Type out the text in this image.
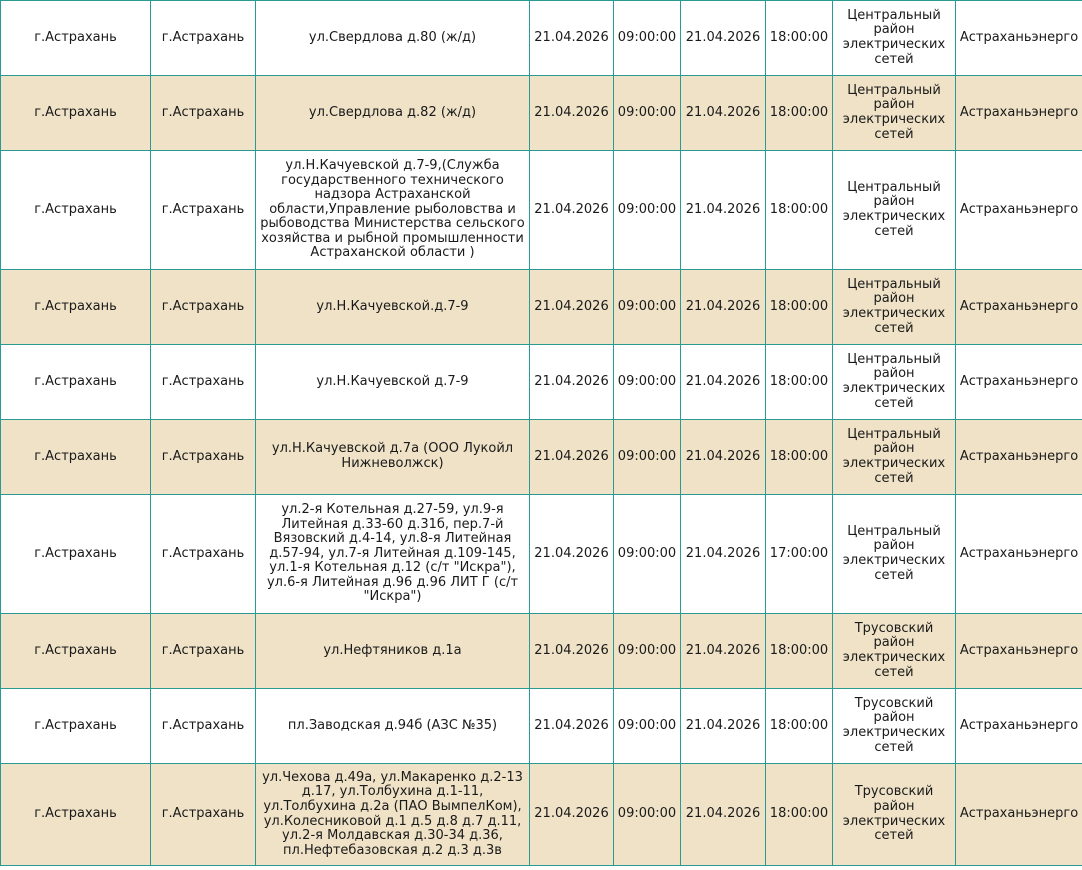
г.Астрахань	г.Астрахань	ул.Свердлова д.80 (ж/д)	21.04.2026	09:00:00	21.04.2026	18:00:00	Центральный район электрических сетей	Астраханьэнерго
г.Астрахань	г.Астрахань	ул.Свердлова д.82 (ж/д)	21.04.2026	09:00:00	21.04.2026	18:00:00	Центральный район электрических сетей	Астраханьэнерго
г.Астрахань	г.Астрахань	ул.Н.Качуевской д.7-9,(Служба государственного технического надзора Астраханской области,Управление рыболовства и рыбоводства Министерства сельского хозяйства и рыбной промышленности Астраханской области )	21.04.2026	09:00:00	21.04.2026	18:00:00	Центральный район электрических сетей	Астраханьэнерго
г.Астрахань	г.Астрахань	ул.Н.Качуевской.д.7-9	21.04.2026	09:00:00	21.04.2026	18:00:00	Центральный район электрических сетей	Астраханьэнерго
г.Астрахань	г.Астрахань	ул.Н.Качуевской д.7-9	21.04.2026	09:00:00	21.04.2026	18:00:00	Центральный район электрических сетей	Астраханьэнерго
г.Астрахань	г.Астрахань	ул.Н.Качуевской д.7а (ООО Лукойл Нижневолжск)	21.04.2026	09:00:00	21.04.2026	18:00:00	Центральный район электрических сетей	Астраханьэнерго
г.Астрахань	г.Астрахань	ул.2-я Котельная д.27-59, ул.9-я Литейная д.33-60 д.31б, пер.7-й Вязовский д.4-14, ул.8-я Литейная д.57-94, ул.7-я Литейная д.109-145, ул.1-я Котельная д.12 (с/т "Искра"), ул.6-я Литейная д.96 д.96 ЛИТ Г (с/т "Искра")	21.04.2026	09:00:00	21.04.2026	17:00:00	Центральный район электрических сетей	Астраханьэнерго
г.Астрахань	г.Астрахань	ул.Нефтяников д.1а	21.04.2026	09:00:00	21.04.2026	18:00:00	Трусовский район электрических сетей	Астраханьэнерго
г.Астрахань	г.Астрахань	пл.Заводская д.94б (АЗС №35)	21.04.2026	09:00:00	21.04.2026	18:00:00	Трусовский район электрических сетей	Астраханьэнерго
г.Астрахань	г.Астрахань	ул.Чехова д.49а, ул.Макаренко д.2-13 д.17, ул.Толбухина д.1-11, ул.Толбухина д.2а (ПАО ВымпелКом), ул.Колесниковой д.1 д.5 д.8 д.7 д.11, ул.2-я Молдавская д.30-34 д.36, пл.Нефтебазовская д.2 д.3 д.3в	21.04.2026	09:00:00	21.04.2026	18:00:00	Трусовский район электрических сетей	Астраханьэнерго
